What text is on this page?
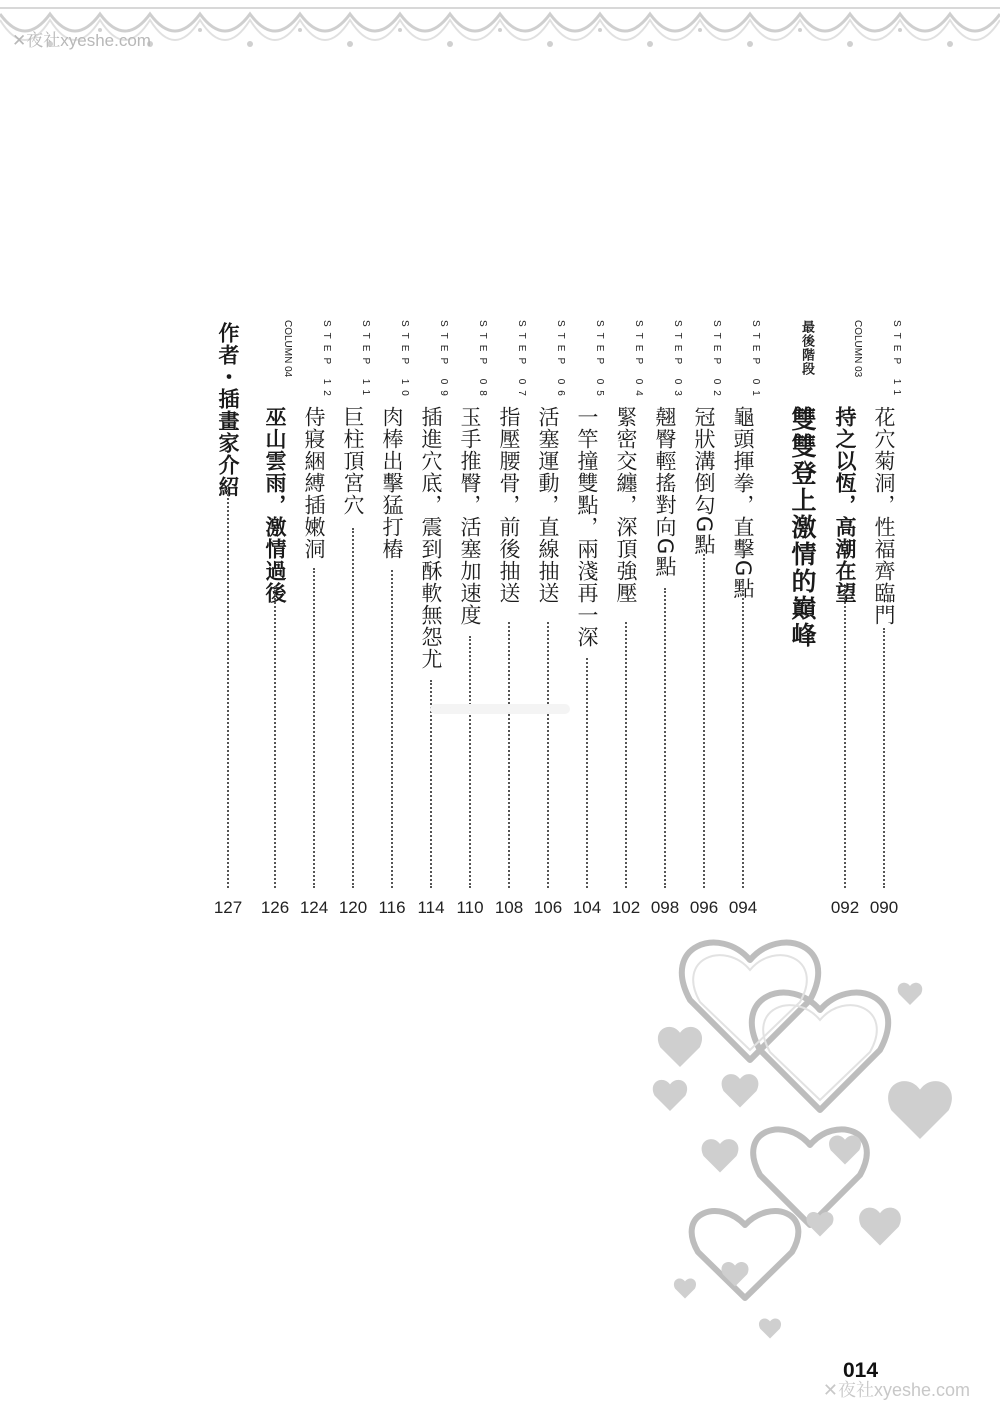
✕夜社xyeshe.com
STEP 11
花穴菊洞，性福齊臨門
090
COLUMN 03
持之以恆，高潮在望
092
最後階段
雙雙登上激情的巔峰
STEP 01
龜頭揮拳，直擊G點
094
STEP 02
冠狀溝倒勾G點
096
STEP 03
翹臀輕搖對向G點
098
STEP 04
緊密交纏，深頂強壓
102
STEP 05
一竿撞雙點，兩淺再一深
104
STEP 06
活塞運動，直線抽送
106
STEP 07
指壓腰骨，前後抽送
108
STEP 08
玉手推臀，活塞加速度
110
STEP 09
插進穴底，震到酥軟無怨尤
114
STEP 10
肉棒出擊猛打樁
116
STEP 11
巨柱頂宮穴
120
STEP 12
侍寢綑縛插嫩洞
124
COLUMN 04
巫山雲雨，激情過後
126
作者・插畫家介紹
127
014
✕夜社xyeshe.com
